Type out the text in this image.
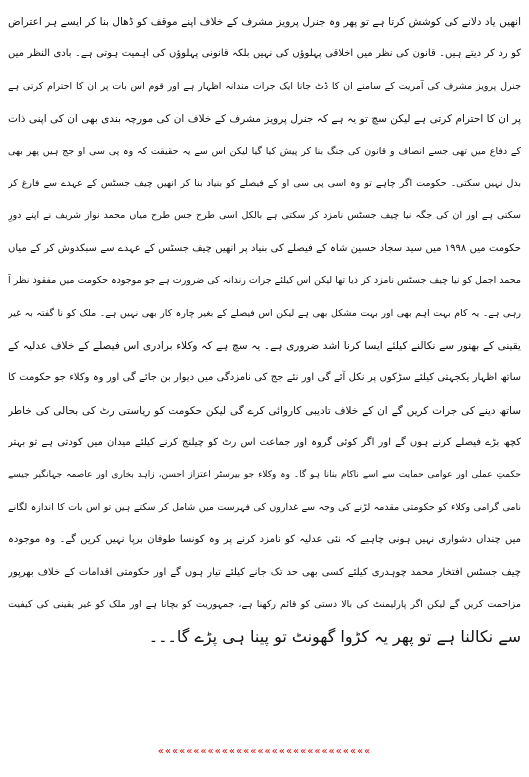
انھیں یاد دلانے کی کوشش کرتا ہے تو پھر وہ جنرل پرویز مشرف کے خلاف اپنے موقف کو ڈھال بنا کر ایسے ہر اعتراض
کو رد کر دیتے ہیں۔ قانون کی نظر میں اخلاقی پہلوؤں کی نہیں بلکہ قانونی پہلوؤں کی اہمیت ہوتی ہے۔ بادی النظر میں
جنرل پرویز مشرف کی آمریت کے سامنے ان کا ڈٹ جانا ایک جرات مندانہ اظہار ہے اور قوم اس بات پر ان کا احترام کرتی ہے
پر ان کا احترام کرتی ہے لیکن سچ تو یہ ہے کہ جنرل پرویز مشرف کے خلاف ان کی مورچہ بندی بھی ان کی اپنی ذات
کے دفاع میں تھی جسے انصاف و قانون کی جنگ بنا کر پیش کیا گیا لیکن اس سے یہ حقیقت کہ وہ پی سی او جج ہیں پھر بھی
بدل نہیں سکتی۔ حکومت اگر چاہے تو وہ اسی پی سی او کے فیصلے کو بنیاد بنا کر انھیں چیف جسٹس کے عہدے سے فارغ کر
سکتی ہے اور ان کی جگہ نیا چیف جسٹس نامزد کر سکتی ہے بالکل اسی طرح جس طرح میاں محمد نواز شریف نے اپنے دورِ
حکومت میں ۱۹۹۸ میں سید سجاد حسین شاہ کے فیصلے کی بنیاد پر انھیں چیف جسٹس کے عہدے سے سبکدوش کر کے میاں
محمد اجمل کو نیا چیف جسٹس نامزد کر دیا تھا لیکن اس کیلئے جرات رندانہ کی ضرورت ہے جو موجودہ حکومت میں مفقود نظر آ
رہی ہے۔ یہ کام بہت اہم بھی اور بہت مشکل بھی ہے لیکن اس فیصلے کے بغیر چارہ کار بھی نہیں ہے۔ ملک کو نا گفتہ بہ غیر
یقینی کے بھنور سے نکالنے کیلئے ایسا کرنا اشد ضروری ہے۔ یہ سچ ہے کہ وکلاء برادری اس فیصلے کے خلاف عدلیہ کے
ساتھ اظہار یکجہتی کیلئے سڑکوں پر نکل آئے گی اور نئے جج کی نامزدگی میں دیوار بن جائے گی اور وہ وکلاء جو حکومت کا
ساتھ دینے کی جرات کریں گے ان کے خلاف تادیبی کاروائی کرے گی لیکن حکومت کو ریاستی رٹ کی بحالی کی خاطر
کچھ بڑے فیصلے کرنے ہوں گے اور اگر کوئی گروہ اور جماعت اس رٹ کو چیلنج کرنے کیلئے میدان میں کودتی ہے تو بہتر
حکمتِ عملی اور عوامی حمایت سے اسے ناکام بنانا ہو گا۔ وہ وکلاء جو بیرسٹر اعتزاز احسن، زاہد بخاری اور عاصمہ جہانگیر جیسے
نامی گرامی وکلاء کو حکومتی مقدمہ لڑنے کی وجہ سے غداروں کی فہرست میں شامل کر سکتے ہیں تو اس بات کا اندازہ لگانے
میں چنداں دشواری نہیں ہونی چاہیے کہ نئی عدلیہ کو نامزد کرنے پر وہ کونسا طوفان برپا نہیں کریں گے۔ وہ موجودہ
چیف جسٹس افتخار محمد چوہدری کیلئے کسی بھی حد تک جانے کیلئے تیار ہوں گے اور حکومتی اقدامات کے خلاف بھرپور
مزاحمت کریں گے لیکن اگر پارلیمنٹ کی بالا دستی کو قائم رکھنا ہے، جمہوریت کو بچانا ہے اور ملک کو غیر یقینی کی کیفیت
سے نکالنا ہے تو پھر یہ کڑوا گھونٹ تو پینا ہی پڑے گا۔۔۔
««««««««««««««««««««««««««««««
